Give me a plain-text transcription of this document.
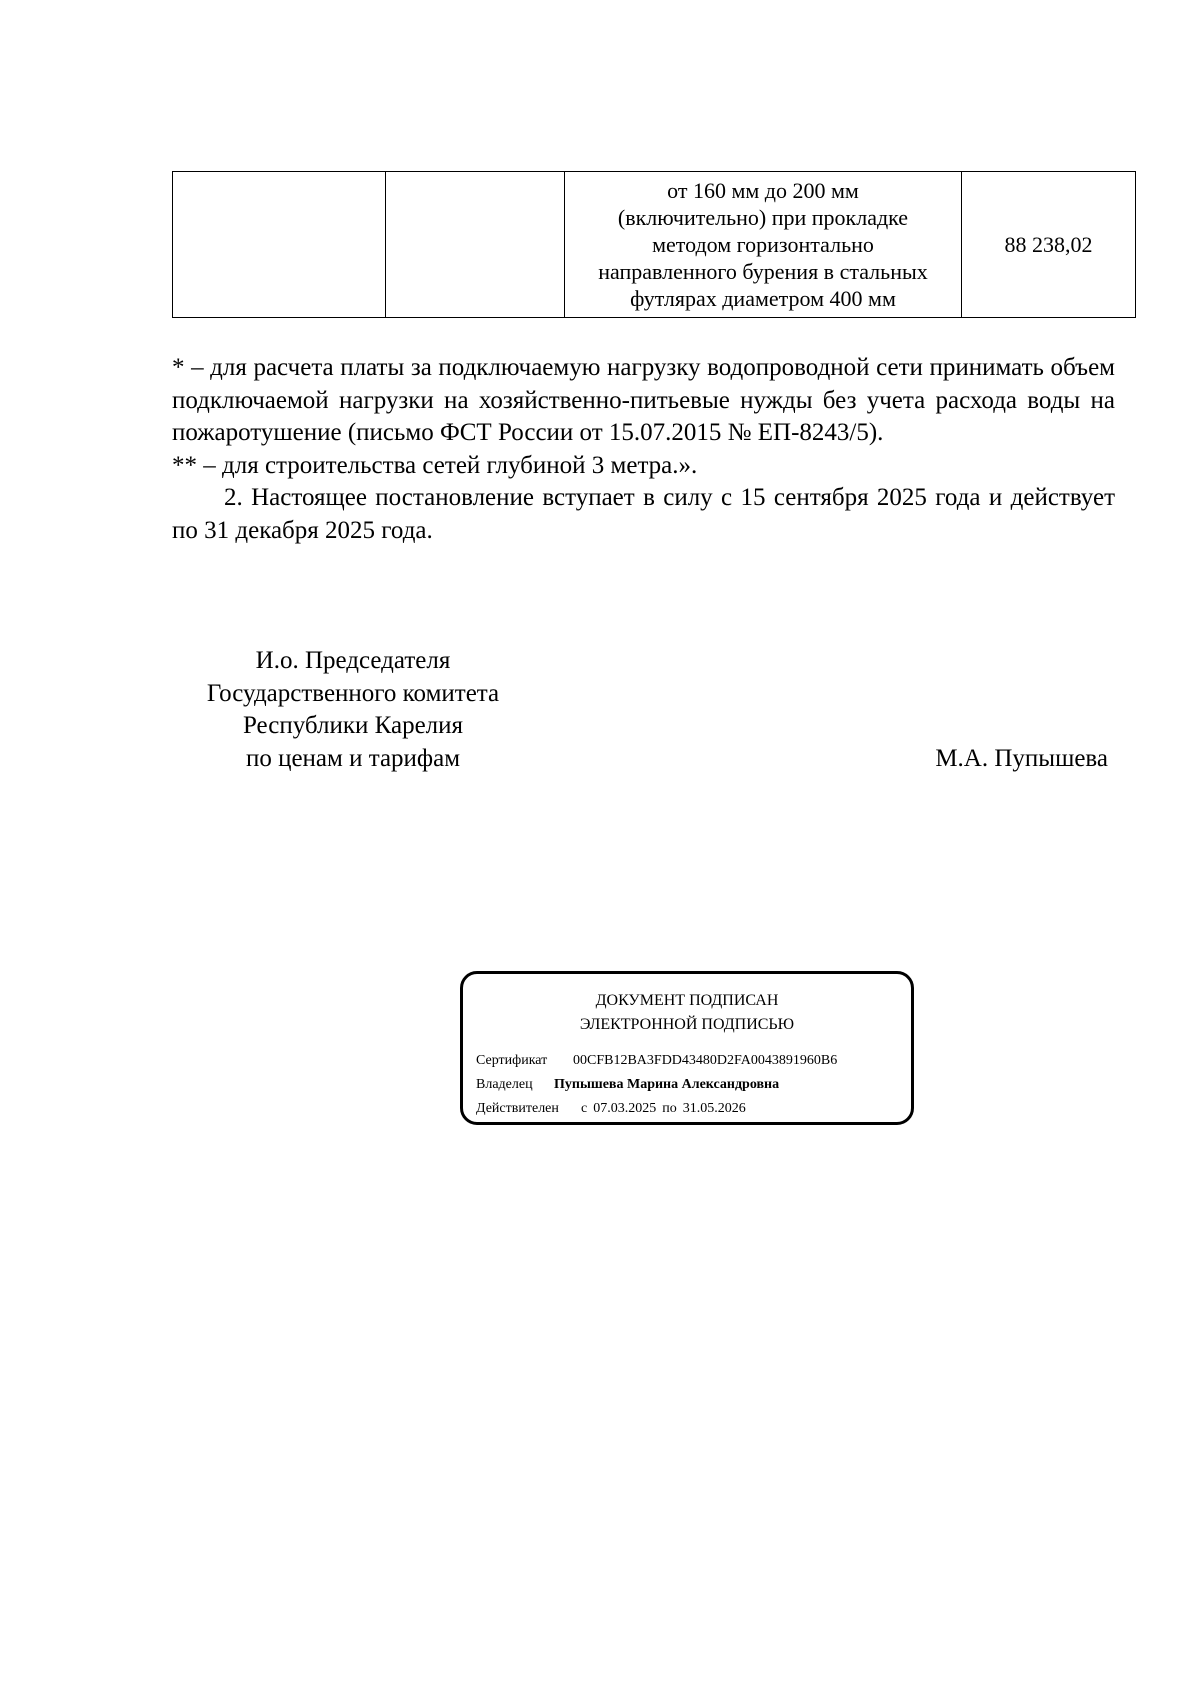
от 160 мм до 200 мм
(включительно) при прокладке
методом горизонтально
направленного бурения в стальных
футлярах диаметром 400 мм
	88 238,02

* – для расчета платы за подключаемую нагрузку водопроводной сети принимать объем подключаемой нагрузки на хозяйственно-питьевые нужды без учета расхода воды на пожаротушение (письмо ФСТ России от 15.07.2015 № ЕП-8243/5).

** – для строительства сетей глубиной 3 метра.».

2. Настоящее постановление вступает в силу с 15 сентября 2025 года и действует по 31 декабря 2025 года.

И.о. Председателя
Государственного комитета
Республики Карелия
по ценам и тарифам	М.А. Пупышева
ДОКУМЕНТ ПОДПИСАН
ЭЛЕКТРОННОЙ ПОДПИСЬЮ
Сертификат 00CFB12BA3FDD43480D2FA0043891960B6
Владелец Пупышева Марина Александровна
Действителен с 07.03.2025 по 31.05.2026
